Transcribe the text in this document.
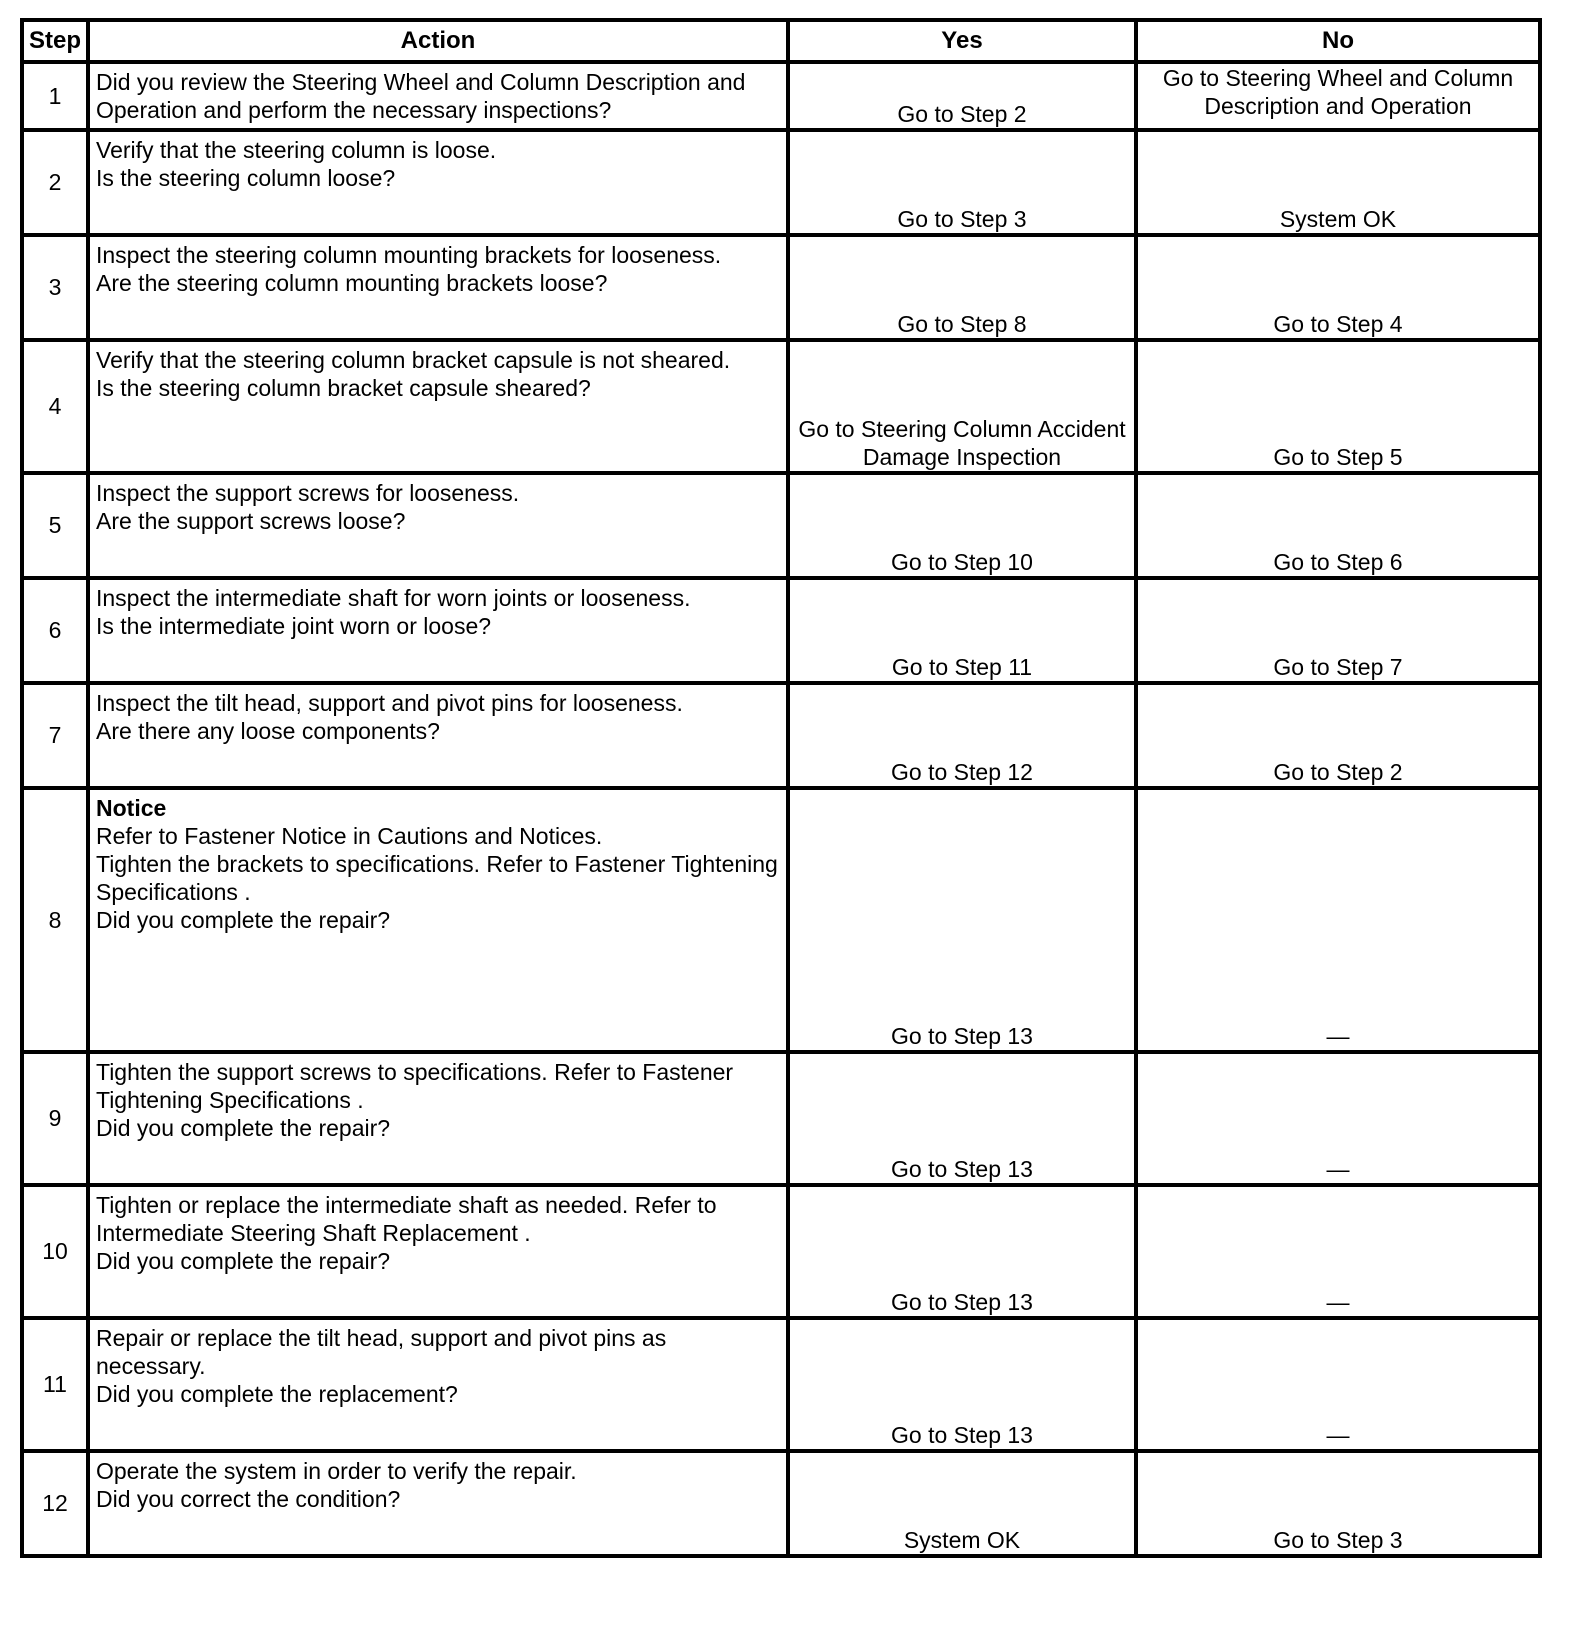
Step	Action	Yes	No
1	Did you review the Steering Wheel and Column Description and Operation and perform the necessary inspections?	Go to Step 2	Go to Steering Wheel and Column Description and Operation
2	Verify that the steering column is loose.

Is the steering column loose?	Go to Step 3	System OK
3	Inspect the steering column mounting brackets for looseness.

Are the steering column mounting brackets loose?	Go to Step 8	Go to Step 4
4	Verify that the steering column bracket capsule is not sheared.

Is the steering column bracket capsule sheared?	Go to Steering Column Accident Damage Inspection	Go to Step 5
5	Inspect the support screws for looseness.

Are the support screws loose?	Go to Step 10	Go to Step 6
6	Inspect the intermediate shaft for worn joints or looseness.

Is the intermediate joint worn or loose?	Go to Step 11	Go to Step 7
7	Inspect the tilt head, support and pivot pins for looseness.

Are there any loose components?	Go to Step 12	Go to Step 2
8	Notice

Refer to Fastener Notice in Cautions and Notices.

Tighten the brackets to specifications. Refer to Fastener Tightening Specifications .

Did you complete the repair?	Go to Step 13	—
9	Tighten the support screws to specifications. Refer to Fastener Tightening Specifications .

Did you complete the repair?	Go to Step 13	—
10	Tighten or replace the intermediate shaft as needed. Refer to Intermediate Steering Shaft Replacement .

Did you complete the repair?	Go to Step 13	—
11	Repair or replace the tilt head, support and pivot pins as necessary.

Did you complete the replacement?	Go to Step 13	—
12	Operate the system in order to verify the repair.

Did you correct the condition?	System OK	Go to Step 3
